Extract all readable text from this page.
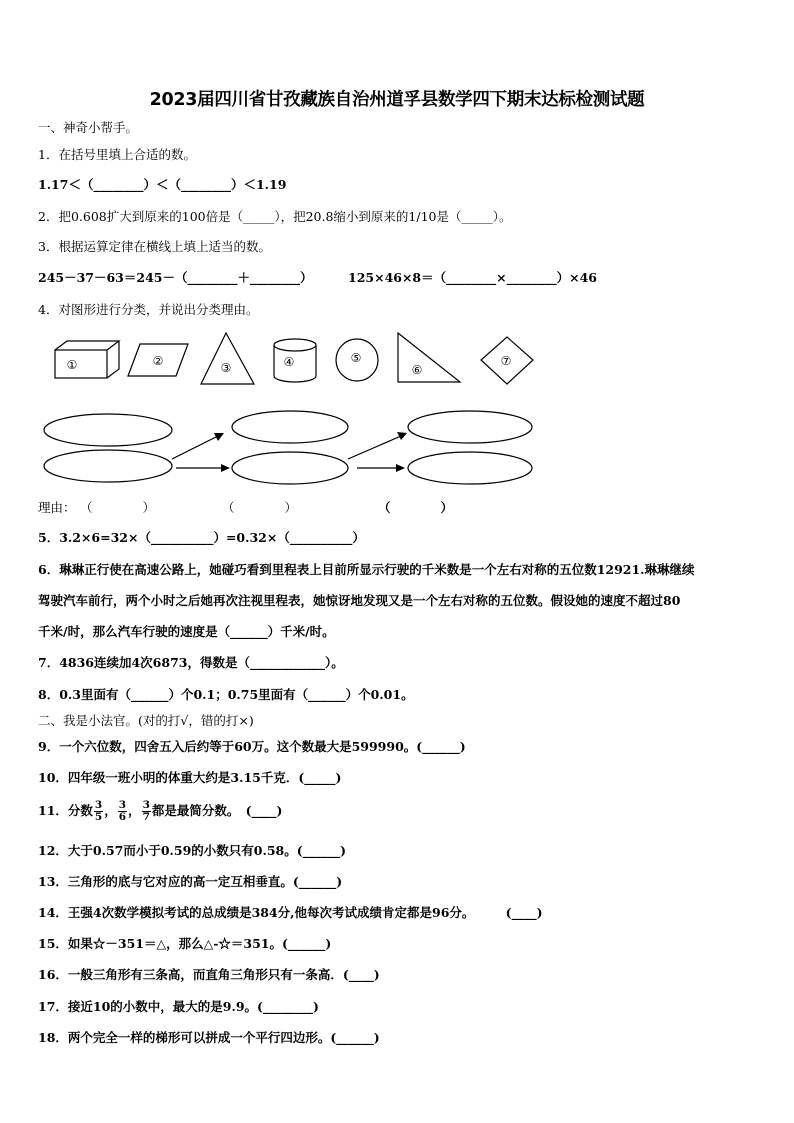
2023届四川省甘孜藏族自治州道孚县数学四下期末达标检测试题
一、神奇小帮手。
1．在括号里填上合适的数。
1.17＜（________）＜（________）＜1.19
2．把0.608扩大到原来的100倍是（_____），把20.8缩小到原来的1/10是（_____）。
3．根据运算定律在横线上填上适当的数。
245－37－63＝245－（________＋________）	125×46×8＝（________×________）×46
4．对图形进行分类，并说出分类理由。
①	②	③	④	⑤
⑥
⑦
理由： （　　　　）	（　　　　）	（　　　　）
5．3.2×6=32×（__________）=0.32×（__________）
6．琳琳正行使在高速公路上，她碰巧看到里程表上目前所显示行驶的千米数是一个左右对称的五位数12921.琳琳继续
驾驶汽车前行，两个小时之后她再次注视里程表，她惊讶地发现又是一个左右对称的五位数。假设她的速度不超过80
千米/时，那么汽车行驶的速度是（______）千米/时。
7．4836连续加4次6873，得数是（____________）。
8．0.3里面有（______）个0.1；0.75里面有（______）个0.01。
二、我是小法官。(对的打√，错的打×)
9．一个六位数，四舍五入后约等于60万。这个数最大是599990。(______)
10．四年级一班小明的体重大约是3.15千克．(_____)
11．分数 $\frac{3}{5}$ ， $\frac{3}{6}$ ， $\frac{3}{7}$ 都是最简分数。　(____)
12．大于0.57而小于0.59的小数只有0.58。(______)
13．三角形的底与它对应的高一定互相垂直。(______)
14．王强4次数学模拟考试的总成绩是384分,他每次考试成绩肯定都是96分。　　　(____)
15．如果☆－351＝△，那么△-☆＝351。(______)
16．一般三角形有三条高，而直角三角形只有一条高．(____)
17．接近10的小数中，最大的是9.9。(________)
18．两个完全一样的梯形可以拼成一个平行四边形。(______)
